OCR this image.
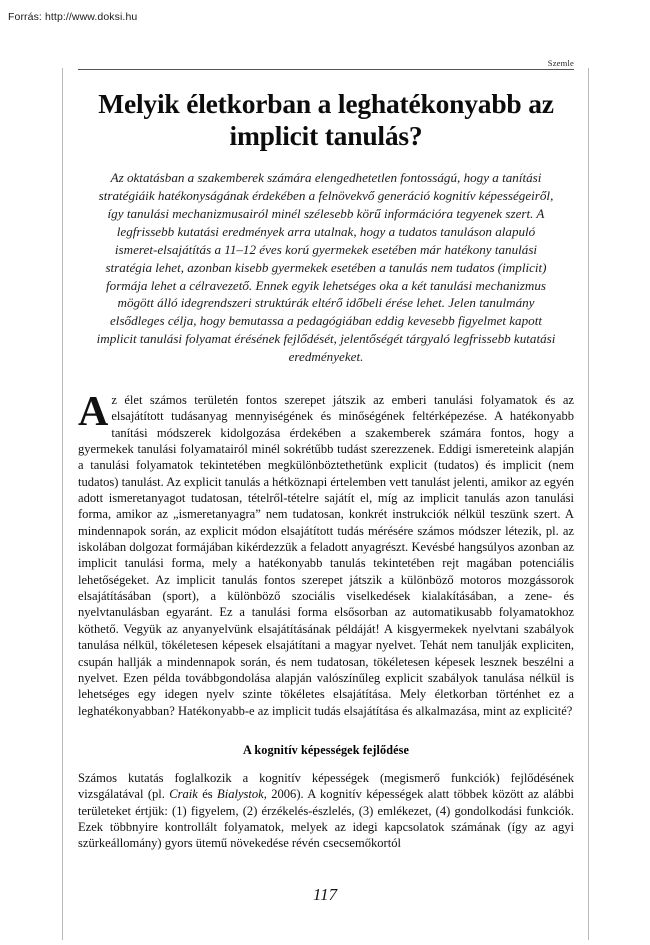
Forrás: http://www.doksi.hu
Szemle
Melyik életkorban a leghatékonyabb az implicit tanulás?
Az oktatásban a szakemberek számára elengedhetetlen fontosságú, hogy a tanítási stratégiáik hatékonyságának érdekében a felnövekvő generáció kognitív képességeiről, így tanulási mechanizmusairól minél szélesebb körű információra tegyenek szert. A legfrissebb kutatási eredmények arra utalnak, hogy a tudatos tanuláson alapuló ismeret-elsajátítás a 11–12 éves korú gyermekek esetében már hatékony tanulási stratégia lehet, azonban kisebb gyermekek esetében a tanulás nem tudatos (implicit) formája lehet a célravezető. Ennek egyik lehetséges oka a két tanulási mechanizmus mögött álló idegrendszeri struktúrák eltérő időbeli érése lehet. Jelen tanulmány elsődleges célja, hogy bemutassa a pedagógiában eddig kevesebb figyelmet kapott implicit tanulási folyamat érésének fejlődését, jelentőségét tárgyaló legfrissebb kutatási eredményeket.
A z élet számos területén fontos szerepet játszik az emberi tanulási folyamatok és az elsajátított tudásanyag mennyiségének és minőségének feltérképezése. A hatékonyabb tanítási módszerek kidolgozása érdekében a szakemberek számára fontos, hogy a gyermekek tanulási folyamatairól minél sokrétűbb tudást szerezzenek. Eddigi ismereteink alapján a tanulási folyamatok tekintetében megkülönböztethetünk explicit (tudatos) és implicit (nem tudatos) tanulást. Az explicit tanulás a hétköznapi értelemben vett tanulást jelenti, amikor az egyén adott ismeretanyagot tudatosan, tételről-tételre sajátít el, míg az implicit tanulás azon tanulási forma, amikor az „ismeretanyagra” nem tudatosan, konkrét instrukciók nélkül teszünk szert. A mindennapok során, az explicit módon elsajátított tudás mérésére számos módszer létezik, pl. az iskolában dolgozat formájában kikérdezzük a feladott anyagrészt. Kevésbé hangsúlyos azonban az implicit tanulási forma, mely a hatékonyabb tanulás tekintetében rejt magában potenciális lehetőségeket. Az implicit tanulás fontos szerepet játszik a különböző motoros mozgássorok elsajátításában (sport), a különböző szociális viselkedések kialakításában, a zene- és nyelvtanulásban egyaránt. Ez a tanulási forma elsősorban az automatikusabb folyamatokhoz köthető. Vegyük az anyanyelvünk elsajátításának példáját! A kisgyermekek nyelvtani szabályok tanulása nélkül, tökéletesen képesek elsajátítani a magyar nyelvet. Tehát nem tanulják expliciten, csupán hallják a mindennapok során, és nem tudatosan, tökéletesen képesek lesznek beszélni a nyelvet. Ezen példa továbbgondolása alapján valószínűleg explicit szabályok tanulása nélkül is lehetséges egy idegen nyelv szinte tökéletes elsajátítása. Mely életkorban történhet ez a leghatékonyabban? Hatékonyabb-e az implicit tudás elsajátítása és alkalmazása, mint az explicité?

A kognitív képességek fejlődése

Számos kutatás foglalkozik a kognitív képességek (megismerő funkciók) fejlődésének vizsgálatával (pl. Craik és Bialystok, 2006). A kognitív képességek alatt többek között az alábbi területeket értjük: (1) figyelem, (2) érzékelés-észlelés, (3) emlékezet, (4) gondolkodási funkciók. Ezek többnyire kontrollált folyamatok, melyek az idegi kapcsolatok számának (így az agyi szürkeállomány) gyors ütemű növekedése révén csecsemőkortól

117
